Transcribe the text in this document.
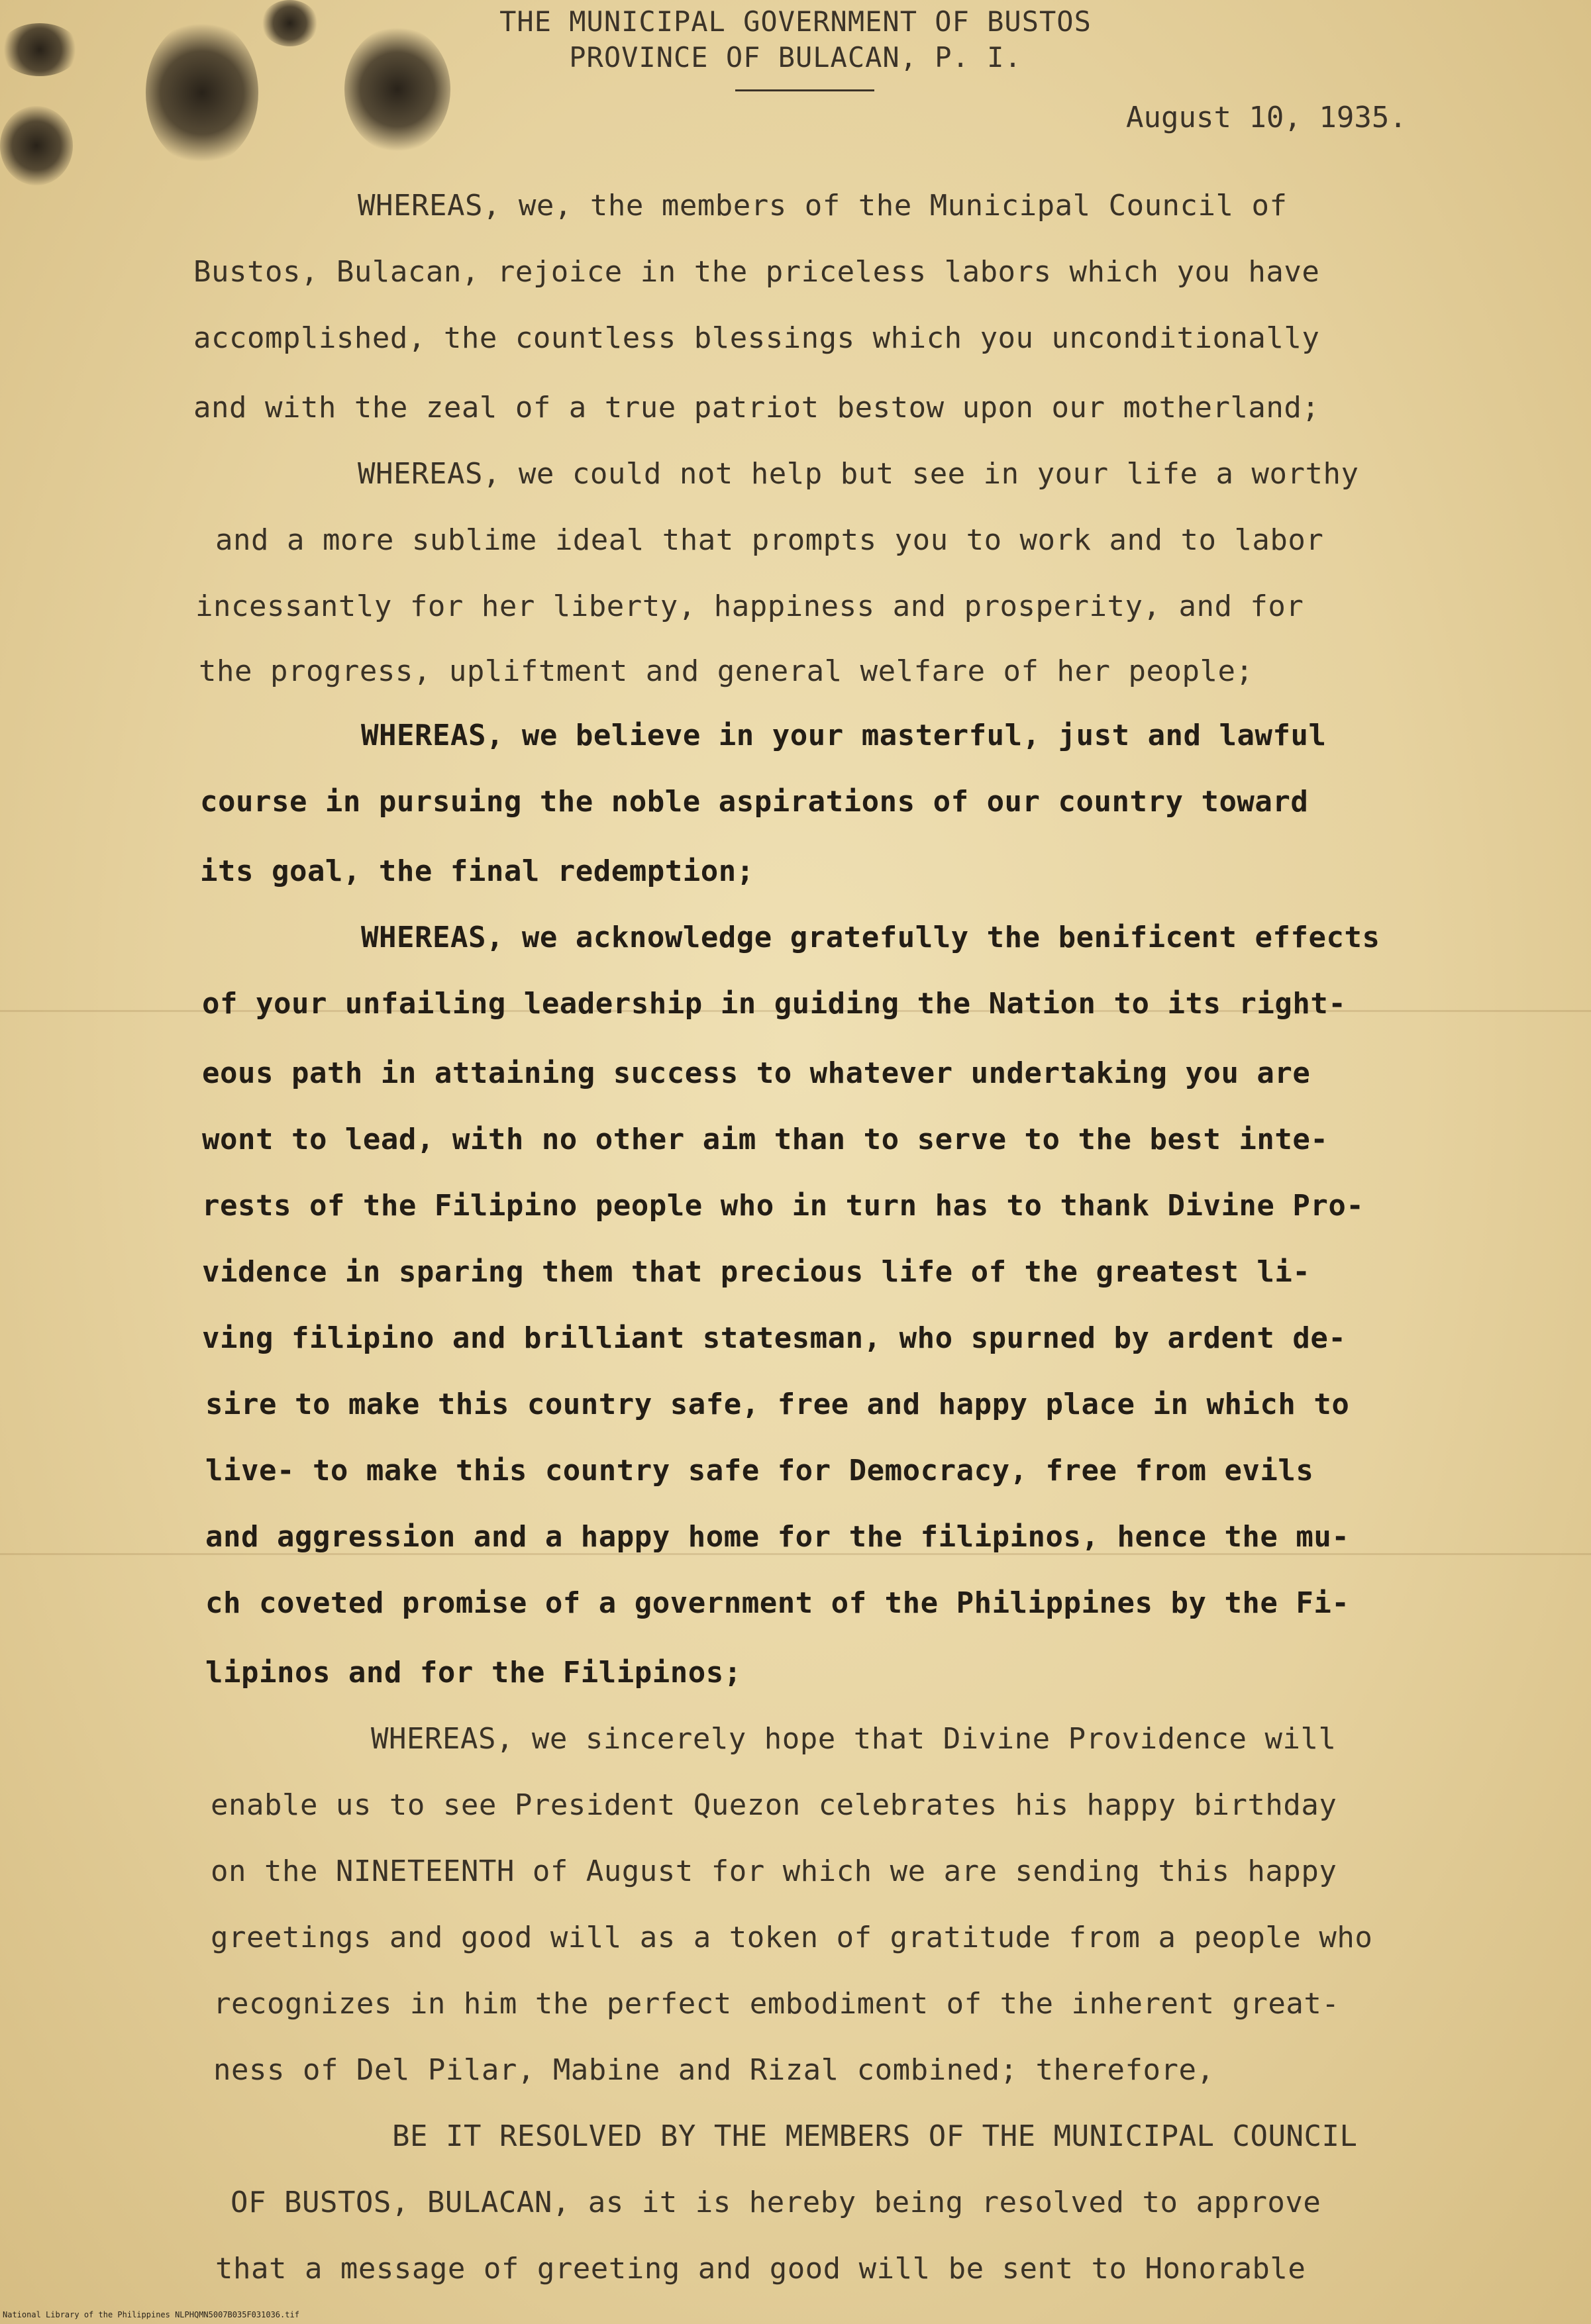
THE MUNICIPAL GOVERNMENT OF BUSTOS
PROVINCE OF BULACAN, P. I.
August 10, 1935.
WHEREAS, we, the members of the Municipal Council of
Bustos, Bulacan, rejoice in the priceless labors which you have
accomplished, the countless blessings which you unconditionally
and with the zeal of a true patriot bestow upon our motherland;
WHEREAS, we could not help but see in your life a worthy
and a more sublime ideal that prompts you to work and to labor
incessantly for her liberty, happiness and prosperity, and for
the progress, upliftment and general welfare of her people;
WHEREAS, we believe in your masterful, just and lawful
course in pursuing the noble aspirations of our country toward
its goal, the final redemption;
WHEREAS, we acknowledge gratefully the benificent effects
of your unfailing leadership in guiding the Nation to its right-
eous path in attaining success to whatever undertaking you are
wont to lead, with no other aim than to serve to the best inte-
rests of the Filipino people who in turn has to thank Divine Pro-
vidence in sparing them that precious life of the greatest li-
ving filipino and brilliant statesman, who spurned by ardent de-
sire to make this country safe, free and happy place in which to
live- to make this country safe for Democracy, free from evils
and aggression and a happy home for the filipinos, hence the mu-
ch coveted promise of a government of the Philippines by the Fi-
lipinos and for the Filipinos;
WHEREAS, we sincerely hope that Divine Providence will
enable us to see President Quezon celebrates his happy birthday
on the NINETEENTH of August for which we are sending this happy
greetings and good will as a token of gratitude from a people who
recognizes in him the perfect embodiment of the inherent great-
ness of Del Pilar, Mabine and Rizal combined; therefore,
BE IT RESOLVED BY THE MEMBERS OF THE MUNICIPAL COUNCIL
OF BUSTOS, BULACAN, as it is hereby being resolved to approve
that a message of greeting and good will be sent to Honorable
National Library of the Philippines NLPHQMN5007B035F031036.tif
